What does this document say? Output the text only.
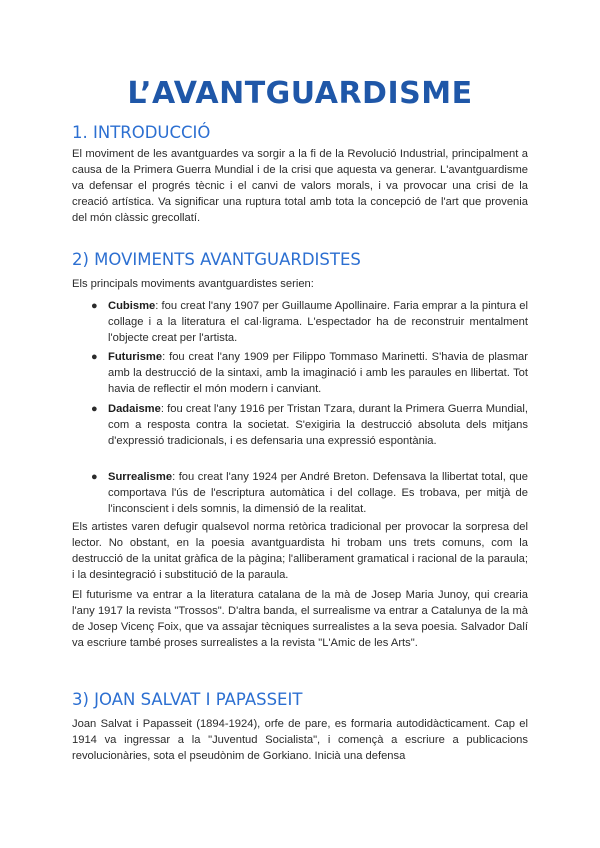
L’AVANTGUARDISME
1. INTRODUCCIÓ

El moviment de les avantguardes va sorgir a la fi de la Revolució Industrial, principalment a causa de la Primera Guerra Mundial i de la crisi que aquesta va generar. L'avantguardisme va defensar el progrés tècnic i el canvi de valors morals, i va provocar una crisi de la creació artística. Va significar una ruptura total amb tota la concepció de l'art que provenia del món clàssic grecollatí.

2) MOVIMENTS AVANTGUARDISTES

Els principals moviments avantguardistes serien:

● Cubisme: fou creat l'any 1907 per Guillaume Apollinaire. Faria emprar a la pintura el collage i a la literatura el cal·ligrama. L'espectador ha de reconstruir mentalment l'objecte creat per l'artista.

● Futurisme: fou creat l'any 1909 per Filippo Tommaso Marinetti. S'havia de plasmar amb la destrucció de la sintaxi, amb la imaginació i amb les paraules en llibertat. Tot havia de reflectir el món modern i canviant.

● Dadaisme: fou creat l'any 1916 per Tristan Tzara, durant la Primera Guerra Mundial, com a resposta contra la societat. S'exigiria la destrucció absoluta dels mitjans d'expressió tradicionals, i es defensaria una expressió espontània.

● Surrealisme: fou creat l'any 1924 per André Breton. Defensava la llibertat total, que comportava l'ús de l'escriptura automàtica i del collage. Es trobava, per mitjà de l'inconscient i dels somnis, la dimensió de la realitat.

Els artistes varen defugir qualsevol norma retòrica tradicional per provocar la sorpresa del lector. No obstant, en la poesia avantguardista hi trobam uns trets comuns, com la destrucció de la unitat gràfica de la pàgina; l'alliberament gramatical i racional de la paraula; i la desintegració i substitució de la paraula.

El futurisme va entrar a la literatura catalana de la mà de Josep Maria Junoy, qui crearia l'any 1917 la revista "Trossos". D'altra banda, el surrealisme va entrar a Catalunya de la mà de Josep Vicenç Foix, que va assajar tècniques surrealistes a la seva poesia. Salvador Dalí va escriure també proses surrealistes a la revista "L'Amic de les Arts".

3) JOAN SALVAT I PAPASSEIT

Joan Salvat i Papasseit (1894-1924), orfe de pare, es formaria autodidàcticament. Cap el 1914 va ingressar a la "Juventud Socialista", i començà a escriure a publicacions revolucionàries, sota el pseudònim de Gorkiano. Inicià una defensa
